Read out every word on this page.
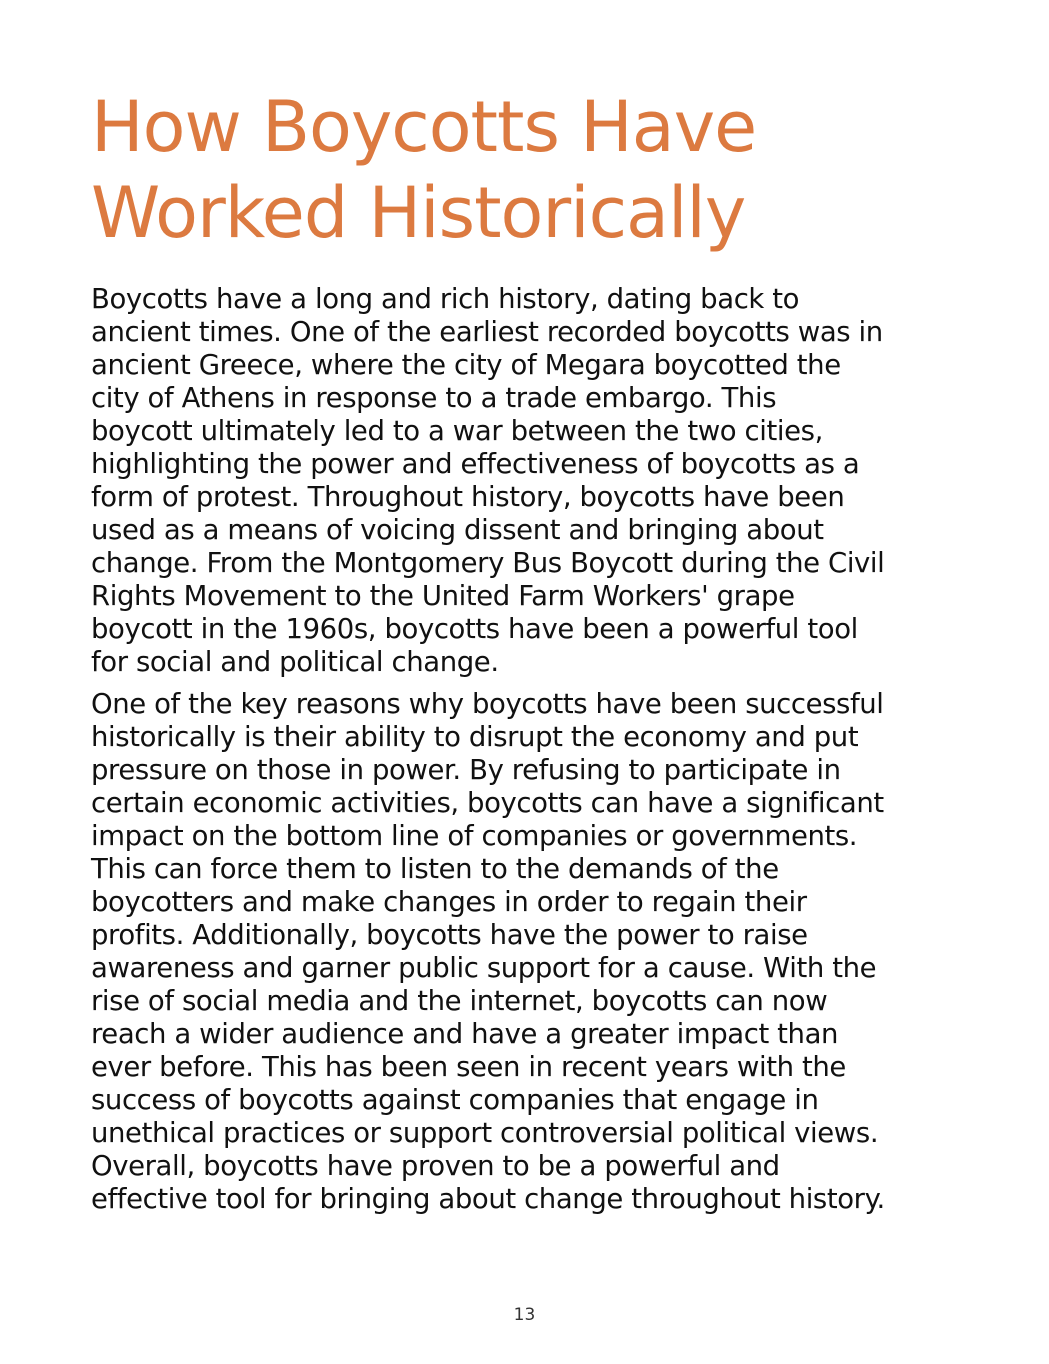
How Boycotts Have
Worked Historically

Boycotts have a long and rich history, dating back to
ancient times. One of the earliest recorded boycotts was in
ancient Greece, where the city of Megara boycotted the
city of Athens in response to a trade embargo. This
boycott ultimately led to a war between the two cities,
highlighting the power and effectiveness of boycotts as a
form of protest. Throughout history, boycotts have been
used as a means of voicing dissent and bringing about
change. From the Montgomery Bus Boycott during the Civil
Rights Movement to the United Farm Workers' grape
boycott in the 1960s, boycotts have been a powerful tool
for social and political change.

One of the key reasons why boycotts have been successful
historically is their ability to disrupt the economy and put
pressure on those in power. By refusing to participate in
certain economic activities, boycotts can have a significant
impact on the bottom line of companies or governments.
This can force them to listen to the demands of the
boycotters and make changes in order to regain their
profits. Additionally, boycotts have the power to raise
awareness and garner public support for a cause. With the
rise of social media and the internet, boycotts can now
reach a wider audience and have a greater impact than
ever before. This has been seen in recent years with the
success of boycotts against companies that engage in
unethical practices or support controversial political views.
Overall, boycotts have proven to be a powerful and
effective tool for bringing about change throughout history.

13
